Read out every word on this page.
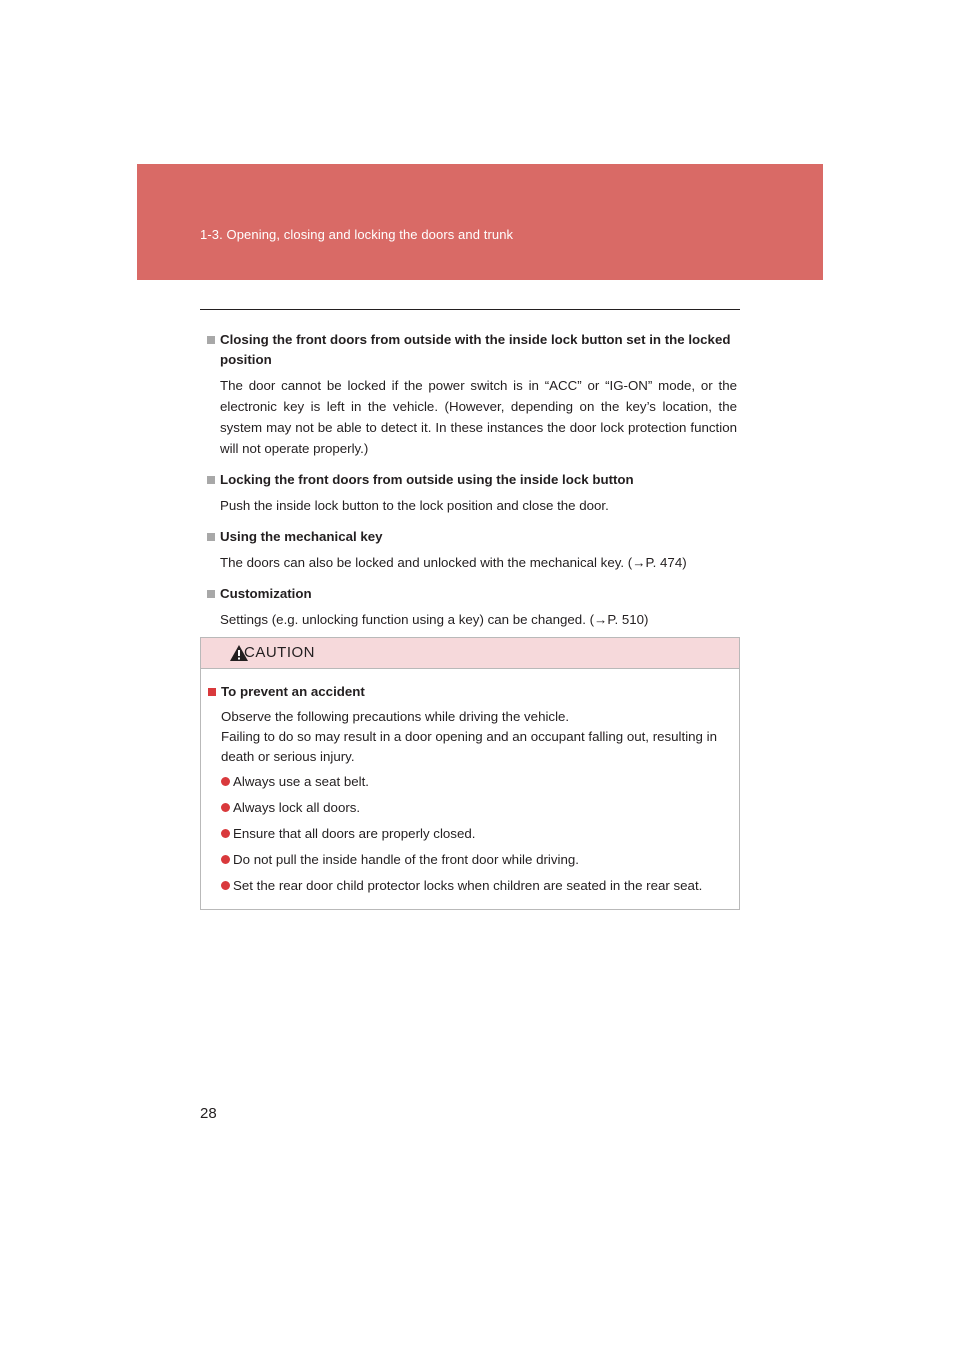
1-3. Opening, closing and locking the doors and trunk
Closing the front doors from outside with the inside lock button set in the locked position
The door cannot be locked if the power switch is in “ACC” or “IG-ON” mode, or the electronic key is left in the vehicle. (However, depending on the key’s location, the system may not be able to detect it. In these instances the door lock protection function will not operate properly.)
Locking the front doors from outside using the inside lock button
Push the inside lock button to the lock position and close the door.
Using the mechanical key
The doors can also be locked and unlocked with the mechanical key. (→P. 474)
Customization
Settings (e.g. unlocking function using a key) can be changed. (→P. 510)
CAUTION
To prevent an accident
Observe the following precautions while driving the vehicle.
Failing to do so may result in a door opening and an occupant falling out, resulting in death or serious injury.
Always use a seat belt.
Always lock all doors.
Ensure that all doors are properly closed.
Do not pull the inside handle of the front door while driving.
Set the rear door child protector locks when children are seated in the rear seat.
28
